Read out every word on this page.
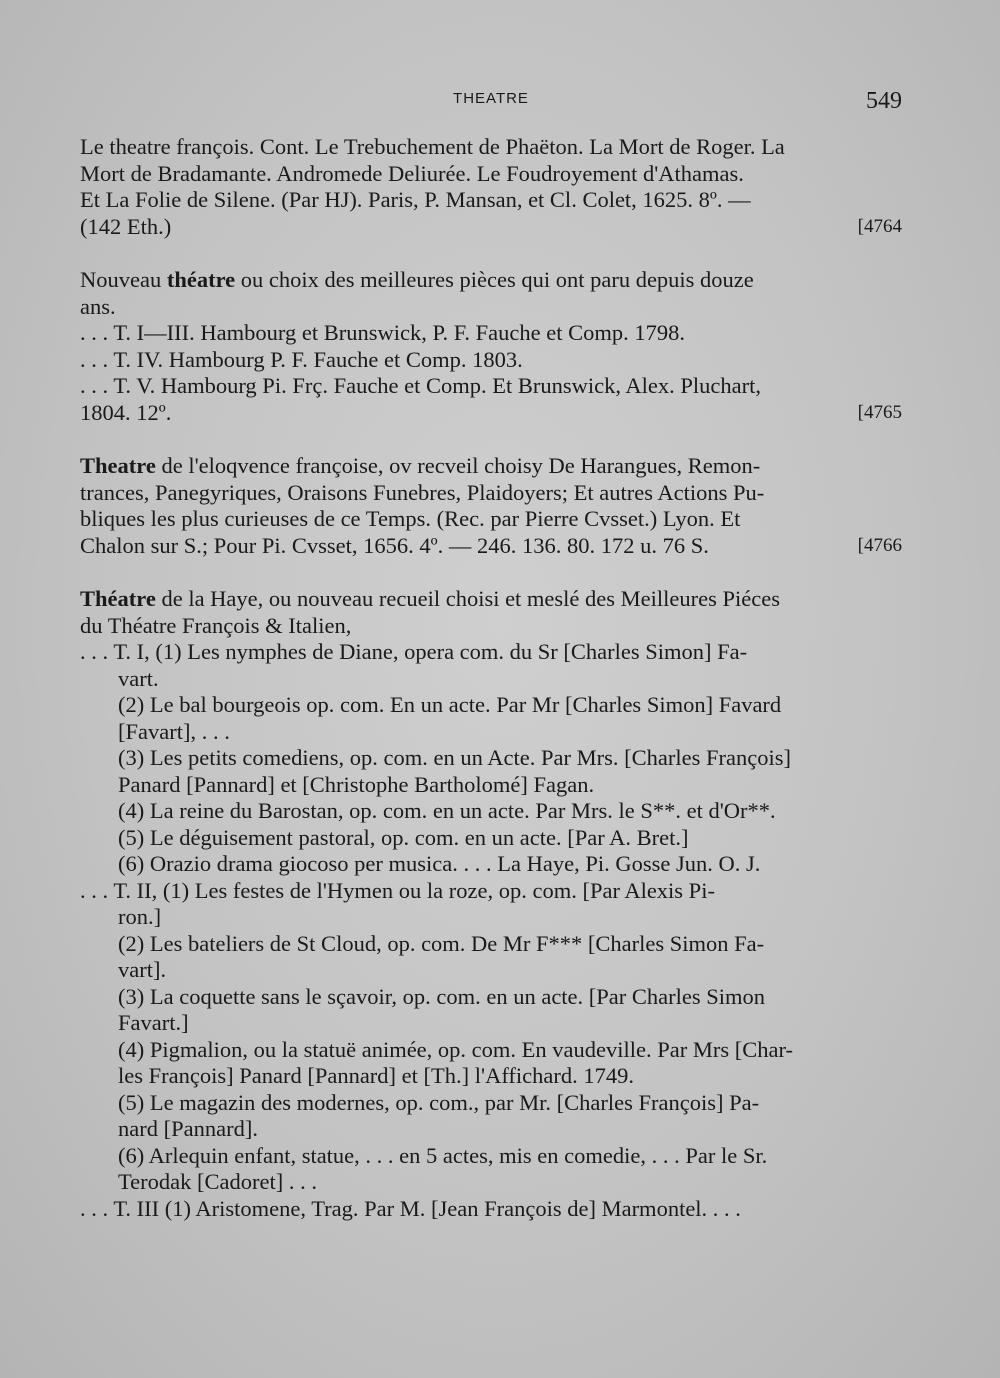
THEATRE	549

Le theatre françois. Cont. Le Trebuchement de Phaëton. La Mort de Roger. La
Mort de Bradamante. Andromede Deliurée. Le Foudroyement d'Athamas.
Et La Folie de Silene. (Par HJ). Paris, P. Mansan, et Cl. Colet, 1625. 8º. —
(142 Eth.)	[4764

Nouveau théatre ou choix des meilleures pièces qui ont paru depuis douze
ans.
. . . T. I—III. Hambourg et Brunswick, P. F. Fauche et Comp. 1798.
. . . T. IV. Hambourg P. F. Fauche et Comp. 1803.
. . . T. V. Hambourg Pi. Frç. Fauche et Comp. Et Brunswick, Alex. Pluchart,
1804. 12º.	[4765

Theatre de l'eloqvence françoise, ov recveil choisy De Harangues, Remon-
trances, Panegyriques, Oraisons Funebres, Plaidoyers; Et autres Actions Pu-
bliques les plus curieuses de ce Temps. (Rec. par Pierre Cvsset.) Lyon. Et
Chalon sur S.; Pour Pi. Cvsset, 1656. 4º. — 246. 136. 80. 172 u. 76 S.	[4766

Théatre de la Haye, ou nouveau recueil choisi et meslé des Meilleures Piéces
du Théatre François & Italien,

. . . T. I, (1) Les nymphes de Diane, opera com. du Sr [Charles Simon] Fa-
vart.
(2) Le bal bourgeois op. com. En un acte. Par Mr [Charles Simon] Favard
[Favart], . . .
(3) Les petits comediens, op. com. en un Acte. Par Mrs. [Charles François]
Panard [Pannard] et [Christophe Bartholomé] Fagan.
(4) La reine du Barostan, op. com. en un acte. Par Mrs. le S**. et d'Or**.
(5) Le déguisement pastoral, op. com. en un acte. [Par A. Bret.]
(6) Orazio drama giocoso per musica. . . . La Haye, Pi. Gosse Jun. O. J.
. . . T. II, (1) Les festes de l'Hymen ou la roze, op. com. [Par Alexis Pi-
ron.]
(2) Les bateliers de St Cloud, op. com. De Mr F*** [Charles Simon Fa-
vart].
(3) La coquette sans le sçavoir, op. com. en un acte. [Par Charles Simon
Favart.]
(4) Pigmalion, ou la statuë animée, op. com. En vaudeville. Par Mrs [Char-
les François] Panard [Pannard] et [Th.] l'Affichard. 1749.
(5) Le magazin des modernes, op. com., par Mr. [Charles François] Pa-
nard [Pannard].
(6) Arlequin enfant, statue, . . . en 5 actes, mis en comedie, . . . Par le Sr.
Terodak [Cadoret] . . .
. . . T. III (1) Aristomene, Trag. Par M. [Jean François de] Marmontel. . . .
